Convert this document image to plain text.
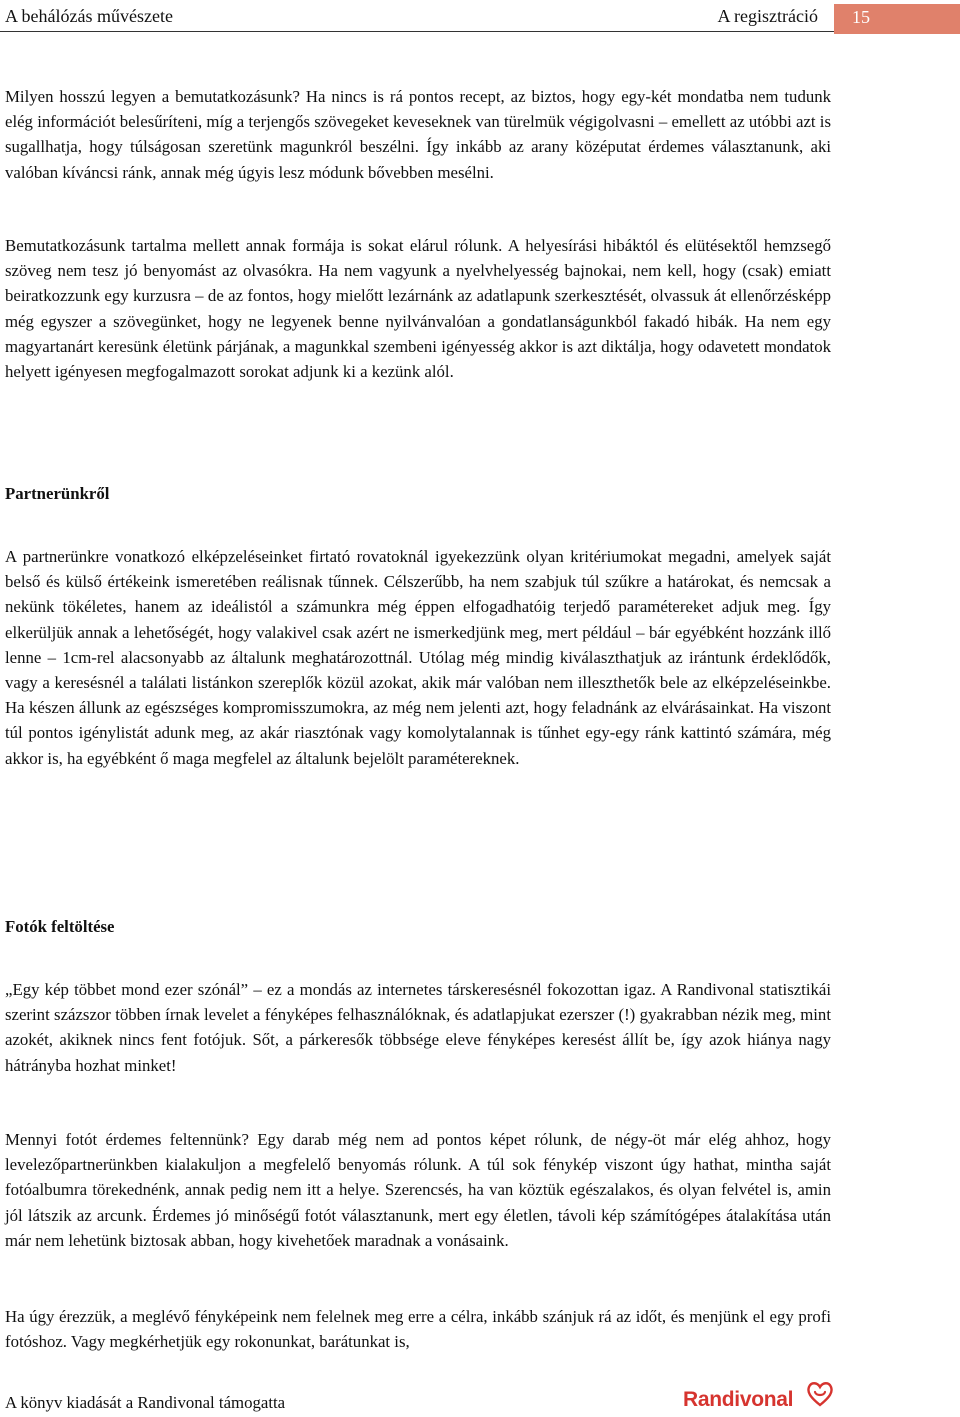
A behálózás művészete	A regisztráció 15

Milyen hosszú legyen a bemutatkozásunk? Ha nincs is rá pontos recept, az biztos, hogy egy-két mondatba nem tudunk elég információt belesűríteni, míg a terjengős szövegeket keveseknek van türelmük végigolvasni – emellett az utóbbi azt is sugallhatja, hogy túlságosan szeretünk magunkról beszélni. Így inkább az arany középutat érdemes választanunk, aki valóban kíváncsi ránk, annak még úgyis lesz módunk bővebben mesélni.

Bemutatkozásunk tartalma mellett annak formája is sokat elárul rólunk. A helyesírási hibáktól és elütésektől hemzsegő szöveg nem tesz jó benyomást az olvasókra. Ha nem vagyunk a nyelvhelyesség bajnokai, nem kell, hogy (csak) emiatt beiratkozzunk egy kurzusra – de az fontos, hogy mielőtt lezárnánk az adatlapunk szerkesztését, olvassuk át ellenőrzésképp még egyszer a szövegünket, hogy ne legyenek benne nyilvánvalóan a gondatlanságunkból fakadó hibák. Ha nem egy magyartanárt keresünk életünk párjának, a magunkkal szembeni igényesség akkor is azt diktálja, hogy odavetett mondatok helyett igényesen megfogalmazott sorokat adjunk ki a kezünk alól.

Partnerünkről

A partnerünkre vonatkozó elképzeléseinket firtató rovatoknál igyekezzünk olyan kritériumokat megadni, amelyek saját belső és külső értékeink ismeretében reálisnak tűnnek. Célszerűbb, ha nem szabjuk túl szűkre a határokat, és nemcsak a nekünk tökéletes, hanem az ideálistól a számunkra még éppen elfogadhatóig terjedő paramétereket adjuk meg. Így elkerüljük annak a lehetőségét, hogy valakivel csak azért ne ismerkedjünk meg, mert például – bár egyébként hozzánk illő lenne – 1cm-rel alacsonyabb az általunk meghatározottnál. Utólag még mindig kiválaszthatjuk az irántunk érdeklődők, vagy a keresésnél a találati listánkon szereplők közül azokat, akik már valóban nem illeszthetők bele az elképzeléseinkbe. Ha készen állunk az egészséges kompromisszumokra, az még nem jelenti azt, hogy feladnánk az elvárásainkat. Ha viszont túl pontos igénylistát adunk meg, az akár riasztónak vagy komolytalannak is tűnhet egy-egy ránk kattintó számára, még akkor is, ha egyébként ő maga megfelel az általunk bejelölt paramétereknek.

Fotók feltöltése

„Egy kép többet mond ezer szónál” – ez a mondás az internetes társkeresésnél fokozottan igaz. A Randivonal statisztikái szerint százszor többen írnak levelet a fényképes felhasználóknak, és adatlapjukat ezerszer (!) gyakrabban nézik meg, mint azokét, akiknek nincs fent fotójuk. Sőt, a párkeresők többsége eleve fényképes keresést állít be, így azok hiánya nagy hátrányba hozhat minket!

Mennyi fotót érdemes feltennünk? Egy darab még nem ad pontos képet rólunk, de négy-öt már elég ahhoz, hogy levelezőpartnerünkben kialakuljon a megfelelő benyomás rólunk. A túl sok fénykép viszont úgy hathat, mintha saját fotóalbumra törekednénk, annak pedig nem itt a helye. Szerencsés, ha van köztük egészalakos, és olyan felvétel is, amin jól látszik az arcunk. Érdemes jó minőségű fotót választanunk, mert egy életlen, távoli kép számítógépes átalakítása után már nem lehetünk biztosak abban, hogy kivehetőek maradnak a vonásaink.

Ha úgy érezzük, a meglévő fényképeink nem felelnek meg erre a célra, inkább szánjuk rá az időt, és menjünk el egy profi fotóshoz. Vagy megkérhetjük egy rokonunkat, barátunkat is,

A könyv kiadását a Randivonal támogatta	Randivonal
